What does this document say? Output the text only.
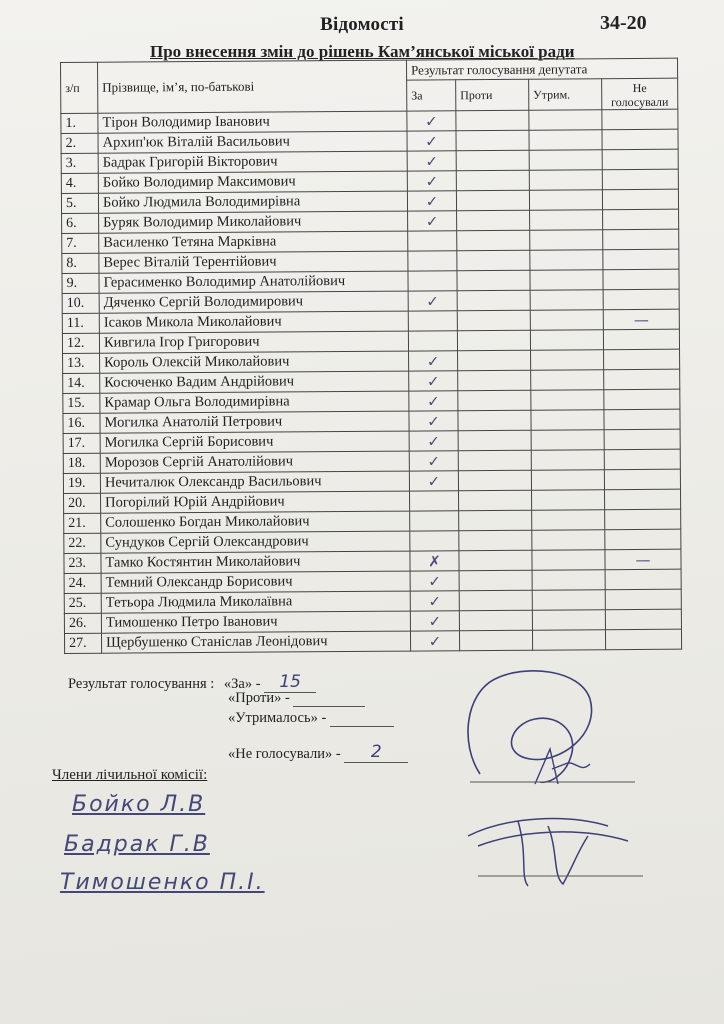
Відомості	34-20
Про внесення змін до рішень Кам’янської міської ради
з/п	Прізвище, ім’я, по-батькові	Результат голосування депутата			
		За	Проти	Утрим.	Не
голосували
1.	Тірон Володимир Іванович	✓			
2.	Архип'юк Віталій Васильович	✓			
3.	Бадрак Григорій Вікторович	✓			
4.	Бойко Володимир Максимович	✓			
5.	Бойко Людмила Володимирівна	✓			
6.	Буряк Володимир Миколайович	✓			
7.	Василенко Тетяна Марківна				
8.	Верес Віталій Терентійович				
9.	Герасименко Володимир Анатолійович				
10.	Дяченко Сергій Володимирович	✓			
11.	Ісаков Микола Миколайович				—
12.	Кивгила Ігор Григорович				
13.	Король Олексій Миколайович	✓			
14.	Косюченко Вадим Андрійович	✓			
15.	Крамар Ольга Володимирівна	✓			
16.	Могилка Анатолій Петрович	✓			
17.	Могилка Сергій Борисович	✓			
18.	Морозов Сергій Анатолійович	✓			
19.	Нечиталюк Олександр Васильович	✓			
20.	Погорілий Юрій Андрійович				
21.	Солошенко Богдан Миколайович				
22.	Сундуков Сергій Олександрович				
23.	Тамко Костянтин Миколайович	✗			—
24.	Темний Олександр Борисович	✓			
25.	Тетьора Людмила Миколаївна	✓			
26.	Тимошенко Петро Іванович	✓			
27.	Щербушенко Станіслав Леонідович	✓			
Результат голосування : «За» - 15
«Проти» -
«Утрималось» -
«Не голосували» - 2
Члени лічильної комісії:
Бойко Л.В
Бадрак Г.В
Тимошенко П.І.
